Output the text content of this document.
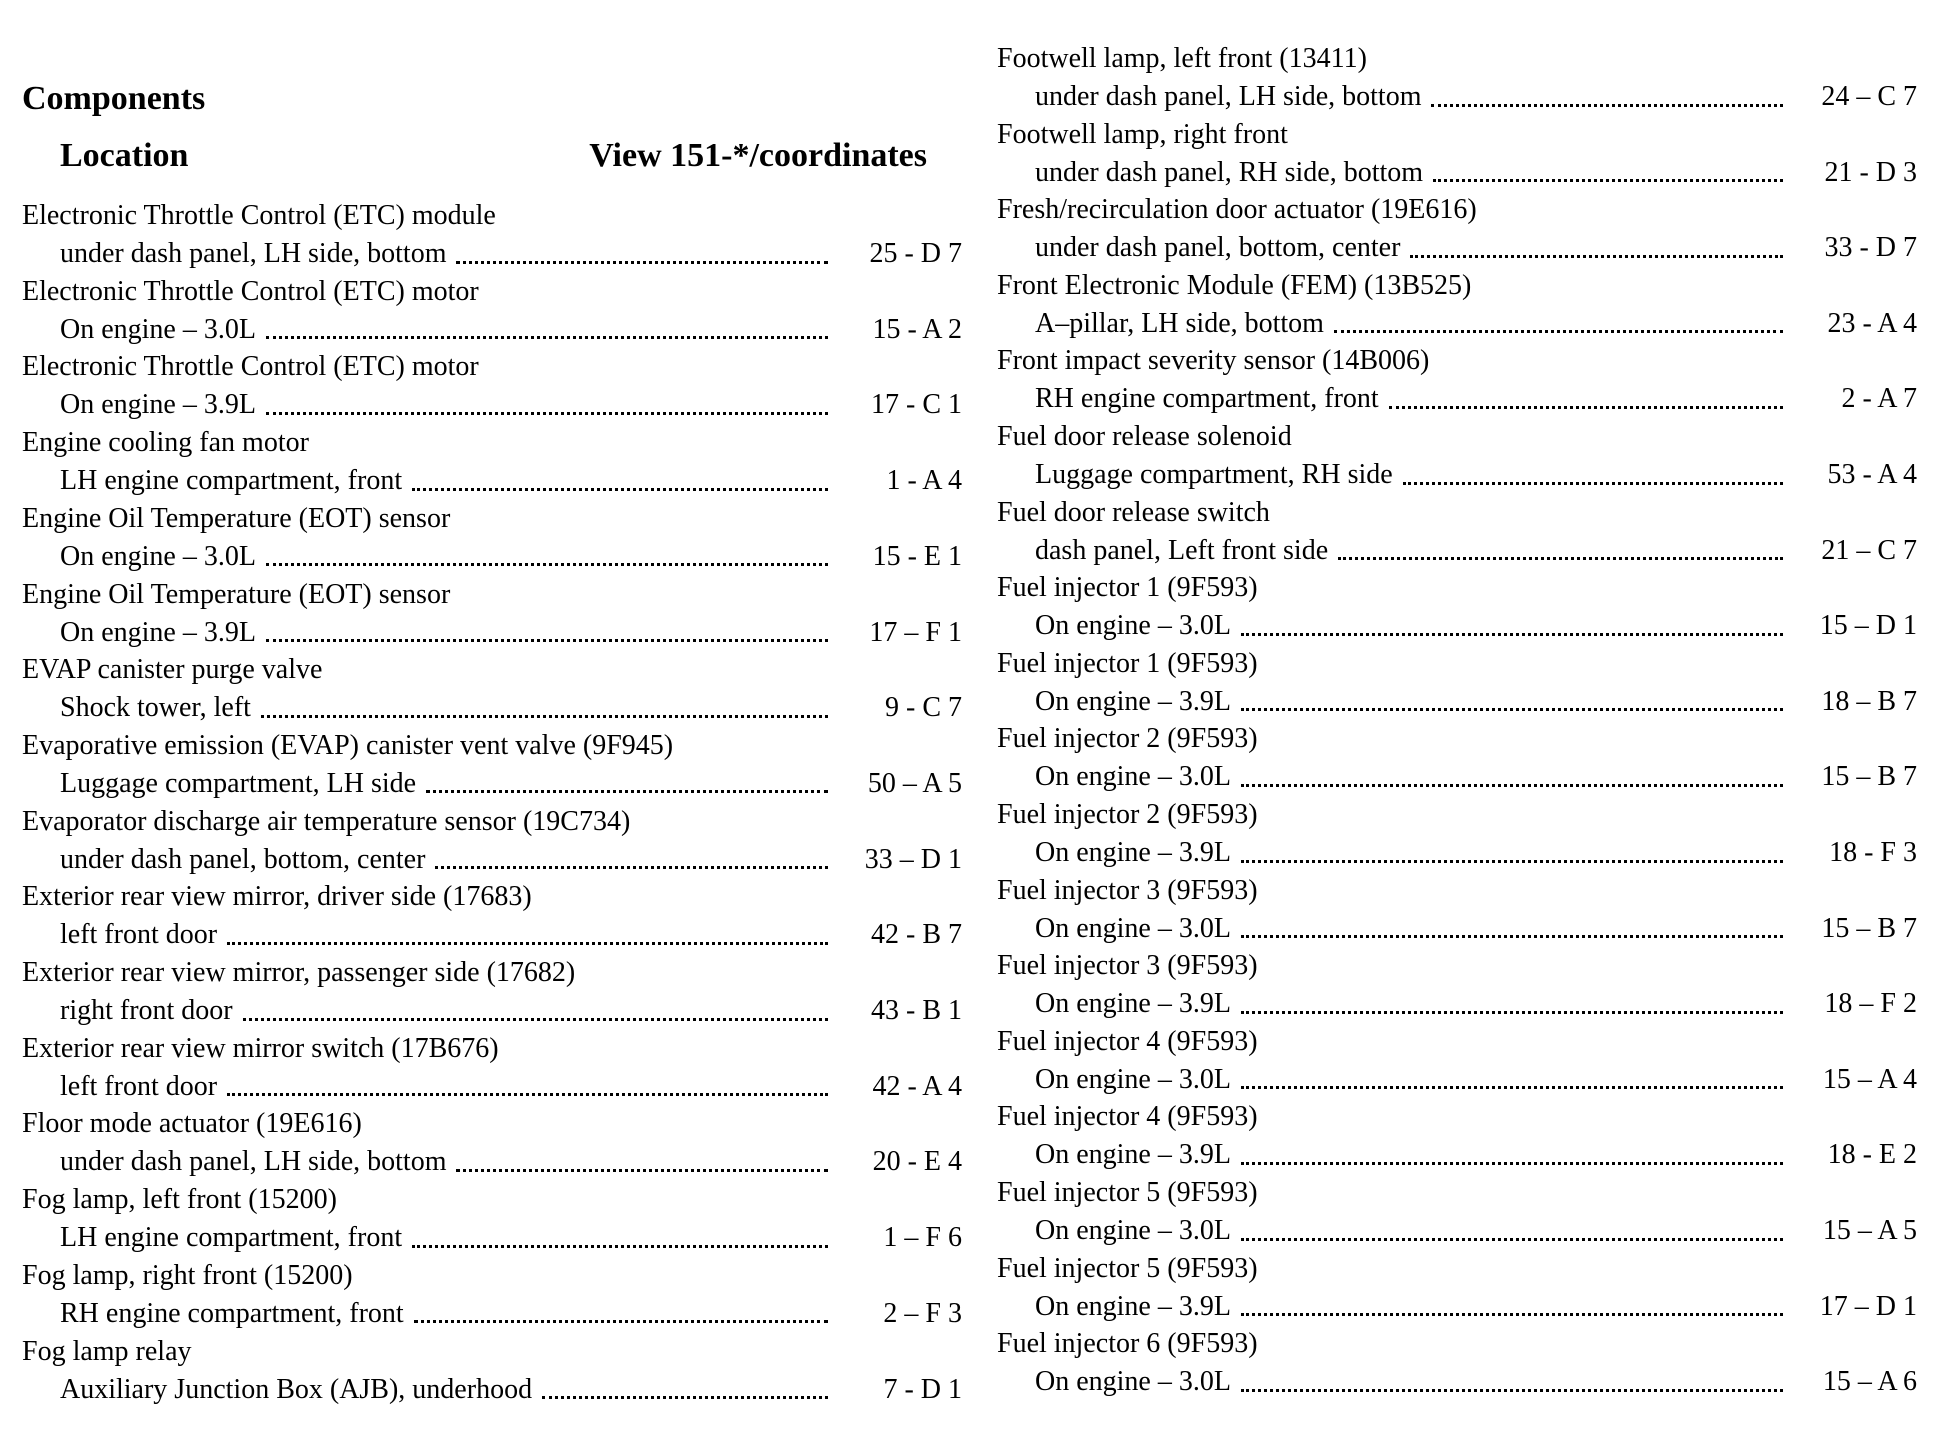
Components
Location	View 151-*/coordinates
Electronic Throttle Control (ETC) module
under dash panel, LH side, bottom	25 - D 7
Electronic Throttle Control (ETC) motor
On engine – 3.0L	15 - A 2
Electronic Throttle Control (ETC) motor
On engine – 3.9L	17 - C 1
Engine cooling fan motor
LH engine compartment, front	1 - A 4
Engine Oil Temperature (EOT) sensor
On engine – 3.0L	15 - E 1
Engine Oil Temperature (EOT) sensor
On engine – 3.9L	17 – F 1
EVAP canister purge valve
Shock tower, left	9 - C 7
Evaporative emission (EVAP) canister vent valve (9F945)
Luggage compartment, LH side	50 – A 5
Evaporator discharge air temperature sensor (19C734)
under dash panel, bottom, center	33 – D 1
Exterior rear view mirror, driver side (17683)
left front door	42 - B 7
Exterior rear view mirror, passenger side (17682)
right front door	43 - B 1
Exterior rear view mirror switch (17B676)
left front door	42 - A 4
Floor mode actuator (19E616)
under dash panel, LH side, bottom	20 - E 4
Fog lamp, left front (15200)
LH engine compartment, front	1 – F 6
Fog lamp, right front (15200)
RH engine compartment, front	2 – F 3
Fog lamp relay
Auxiliary Junction Box (AJB), underhood	7 - D 1
Footwell lamp, left front (13411)
under dash panel, LH side, bottom	24 – C 7
Footwell lamp, right front
under dash panel, RH side, bottom	21 - D 3
Fresh/recirculation door actuator (19E616)
under dash panel, bottom, center	33 - D 7
Front Electronic Module (FEM) (13B525)
A–pillar, LH side, bottom	23 - A 4
Front impact severity sensor (14B006)
RH engine compartment, front	2 - A 7
Fuel door release solenoid
Luggage compartment, RH side	53 - A 4
Fuel door release switch
dash panel, Left front side	21 – C 7
Fuel injector 1 (9F593)
On engine – 3.0L	15 – D 1
Fuel injector 1 (9F593)
On engine – 3.9L	18 – B 7
Fuel injector 2 (9F593)
On engine – 3.0L	15 – B 7
Fuel injector 2 (9F593)
On engine – 3.9L	18 - F 3
Fuel injector 3 (9F593)
On engine – 3.0L	15 – B 7
Fuel injector 3 (9F593)
On engine – 3.9L	18 – F 2
Fuel injector 4 (9F593)
On engine – 3.0L	15 – A 4
Fuel injector 4 (9F593)
On engine – 3.9L	18 - E 2
Fuel injector 5 (9F593)
On engine – 3.0L	15 – A 5
Fuel injector 5 (9F593)
On engine – 3.9L	17 – D 1
Fuel injector 6 (9F593)
On engine – 3.0L	15 – A 6
